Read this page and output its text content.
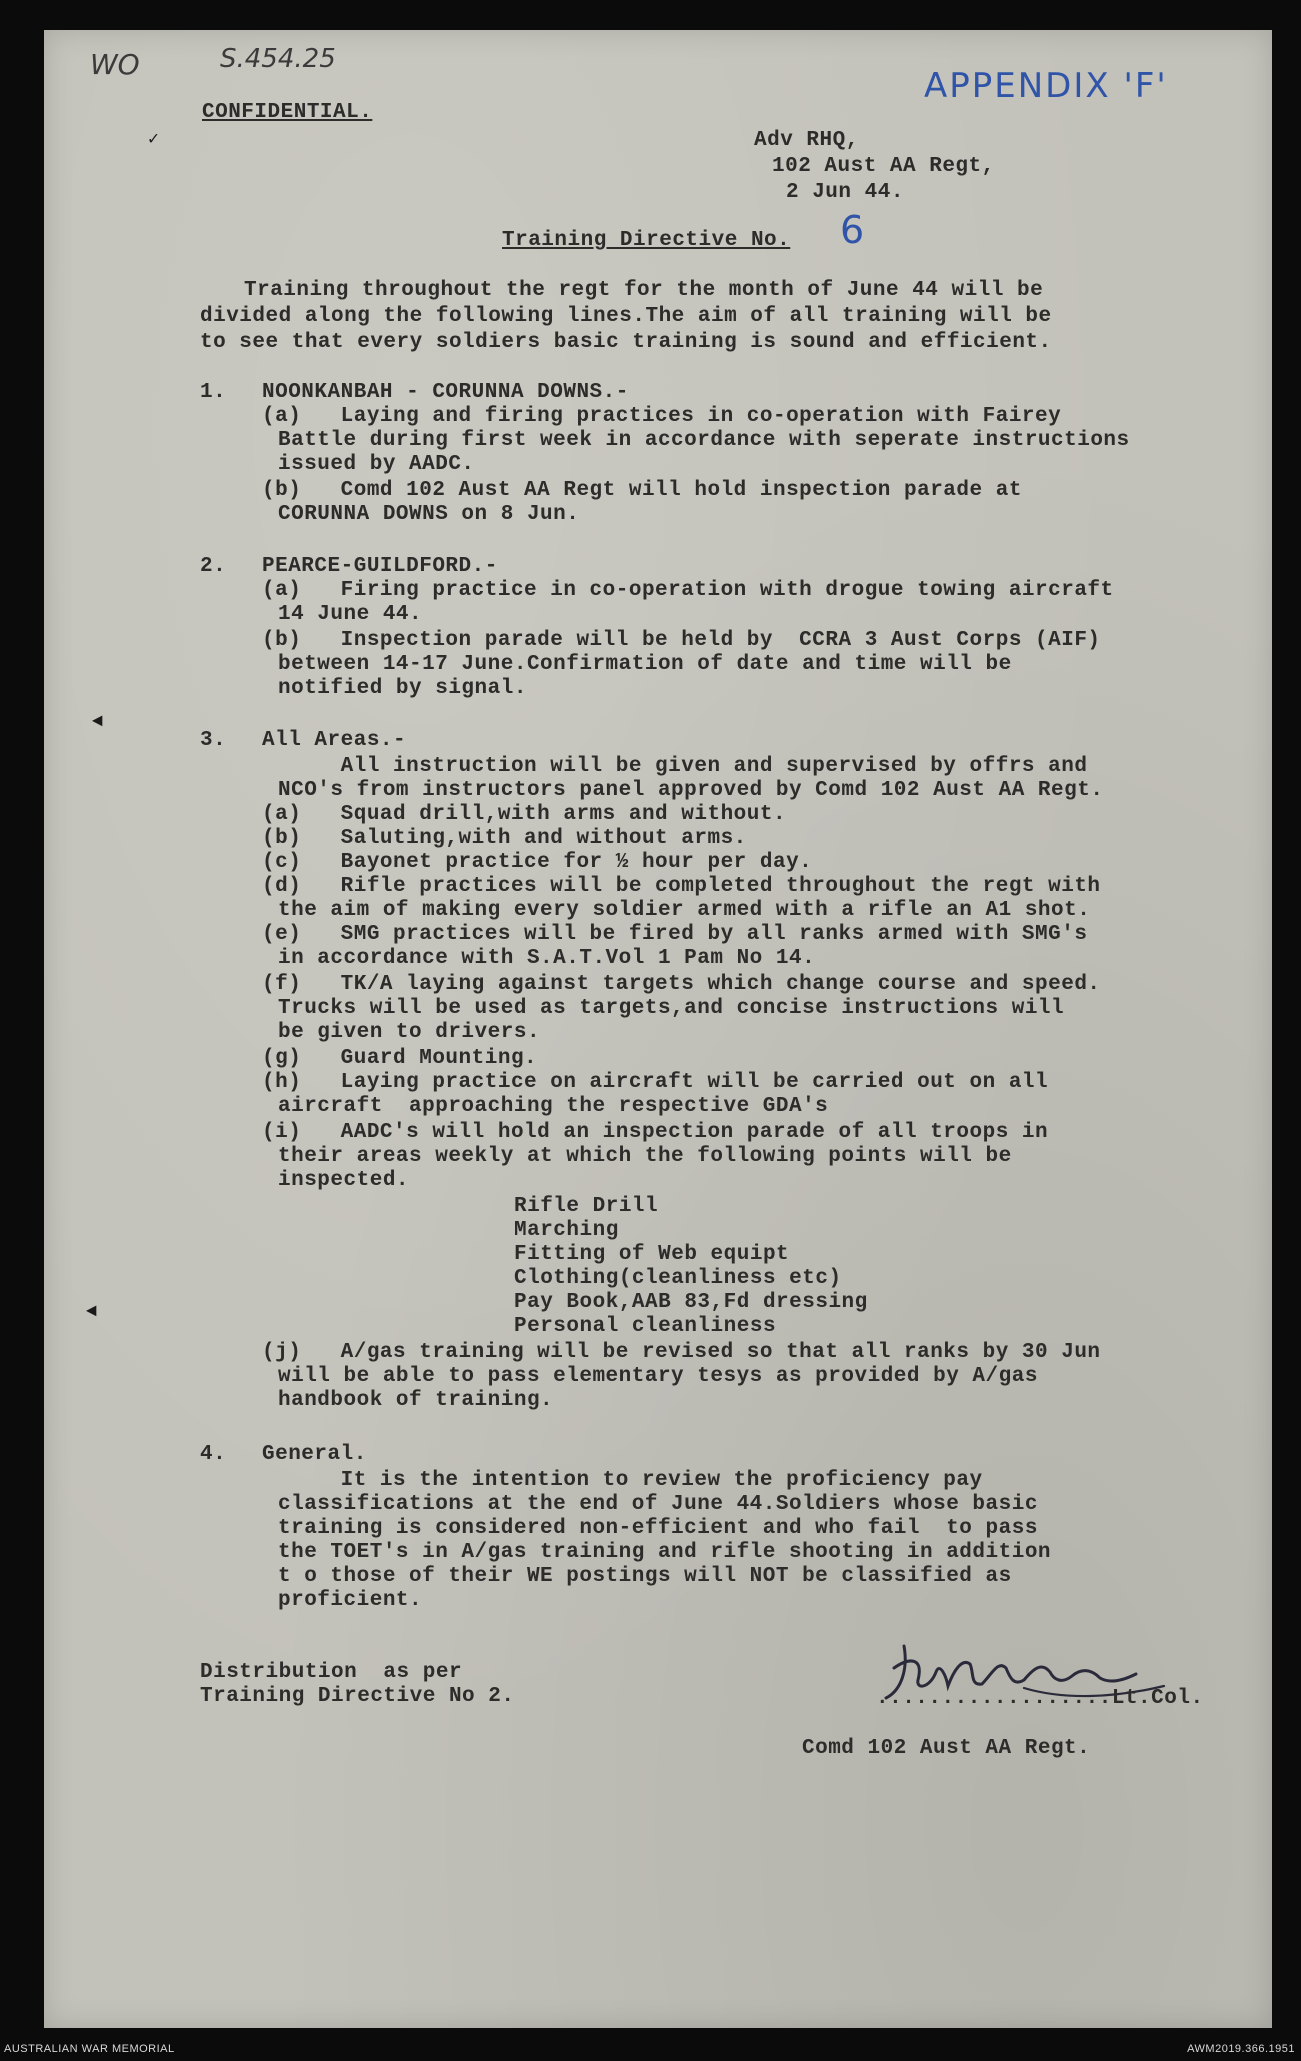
WO	S.454.25
APPENDIX 'F'
CONFIDENTIAL.
✓	Adv RHQ,
102 Aust AA Regt,
2 Jun 44.
Training Directive No. 6
Training throughout the regt for the month of June 44 will be
divided along the following lines.The aim of all training will be
to see that every soldiers basic training is sound and efficient.
1. NOONKANBAH - CORUNNA DOWNS.-
(a)   Laying and firing practices in co-operation with Fairey
Battle during first week in accordance with seperate instructions
issued by AADC.
(b)   Comd 102 Aust AA Regt will hold inspection parade at
CORUNNA DOWNS on 8 Jun.
2. PEARCE-GUILDFORD.-
(a)   Firing practice in co-operation with drogue towing aircraft
14 June 44.
(b)   Inspection parade will be held by  CCRA 3 Aust Corps (AIF)
between 14-17 June.Confirmation of date and time will be
notified by signal.
◄
3. All Areas.-
All instruction will be given and supervised by offrs and
NCO's from instructors panel approved by Comd 102 Aust AA Regt.
(a)   Squad drill,with arms and without.
(b)   Saluting,with and without arms.
(c)   Bayonet practice for ½ hour per day.
(d)   Rifle practices will be completed throughout the regt with
the aim of making every soldier armed with a rifle an A1 shot.
(e)   SMG practices will be fired by all ranks armed with SMG's
in accordance with S.A.T.Vol 1 Pam No 14.
(f)   TK/A laying against targets which change course and speed.
Trucks will be used as targets,and concise instructions will
be given to drivers.
(g)   Guard Mounting.
(h)   Laying practice on aircraft will be carried out on all
aircraft  approaching the respective GDA's
(i)   AADC's will hold an inspection parade of all troops in
their areas weekly at which the following points will be
inspected.
Rifle Drill
Marching
Fitting of Web equipt
Clothing(cleanliness etc)
Pay Book,AAB 83,Fd dressing
Personal cleanliness
◄
(j)   A/gas training will be revised so that all ranks by 30 Jun
will be able to pass elementary tesys as provided by A/gas
handbook of training.
4. General.
It is the intention to review the proficiency pay
classifications at the end of June 44.Soldiers whose basic
training is considered non-efficient and who fail  to pass
the TOET's in A/gas training and rifle shooting in addition
t o those of their WE postings will NOT be classified as
proficient.
Distribution  as per
Training Directive No 2.	..................Lt.Col.
Comd 102 Aust AA Regt.
AUSTRALIAN WAR MEMORIAL	AWM2019.366.1951
